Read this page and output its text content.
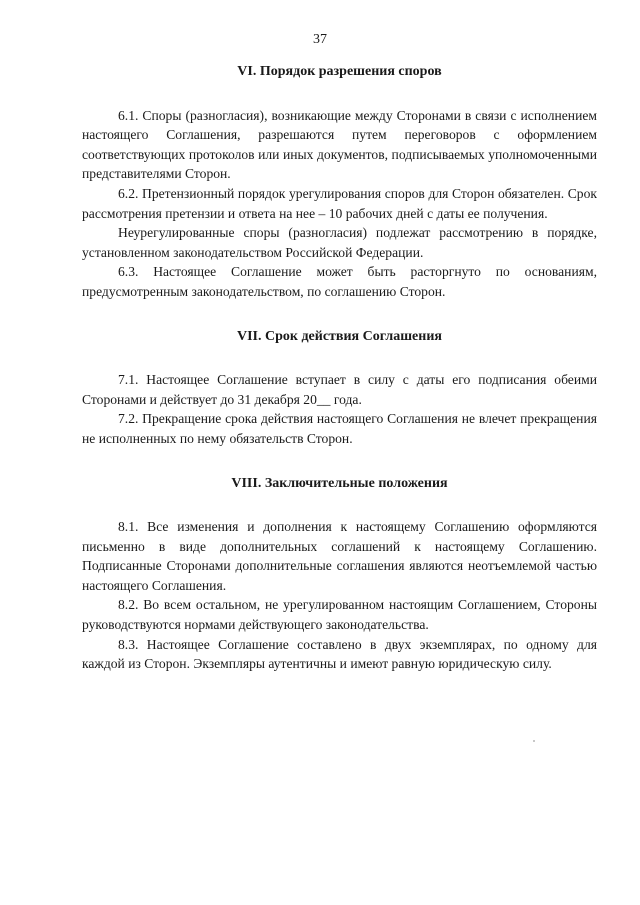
37

VI. Порядок разрешения споров

6.1. Споры (разногласия), возникающие между Сторонами в связи с исполнением настоящего Соглашения, разрешаются путем переговоров с оформлением соответствующих протоколов или иных документов, подписываемых уполномоченными представителями Сторон.

6.2. Претензионный порядок урегулирования споров для Сторон обязателен. Срок рассмотрения претензии и ответа на нее – 10 рабочих дней с даты ее получения.

Неурегулированные споры (разногласия) подлежат рассмотрению в порядке, установленном законодательством Российской Федерации.

6.3. Настоящее Соглашение может быть расторгнуто по основаниям, предусмотренным законодательством, по соглашению Сторон.

VII. Срок действия Соглашения

7.1. Настоящее Соглашение вступает в силу с даты его подписания обеими Сторонами и действует до 31 декабря 20__ года.

7.2. Прекращение срока действия настоящего Соглашения не влечет прекращения не исполненных по нему обязательств Сторон.

VIII. Заключительные положения

8.1. Все изменения и дополнения к настоящему Соглашению оформляются письменно в виде дополнительных соглашений к настоящему Соглашению. Подписанные Сторонами дополнительные соглашения являются неотъемлемой частью настоящего Соглашения.

8.2. Во всем остальном, не урегулированном настоящим Соглашением, Стороны руководствуются нормами действующего законодательства.

8.3. Настоящее Соглашение составлено в двух экземплярах, по одному для каждой из Сторон. Экземпляры аутентичны и имеют равную юридическую силу.
